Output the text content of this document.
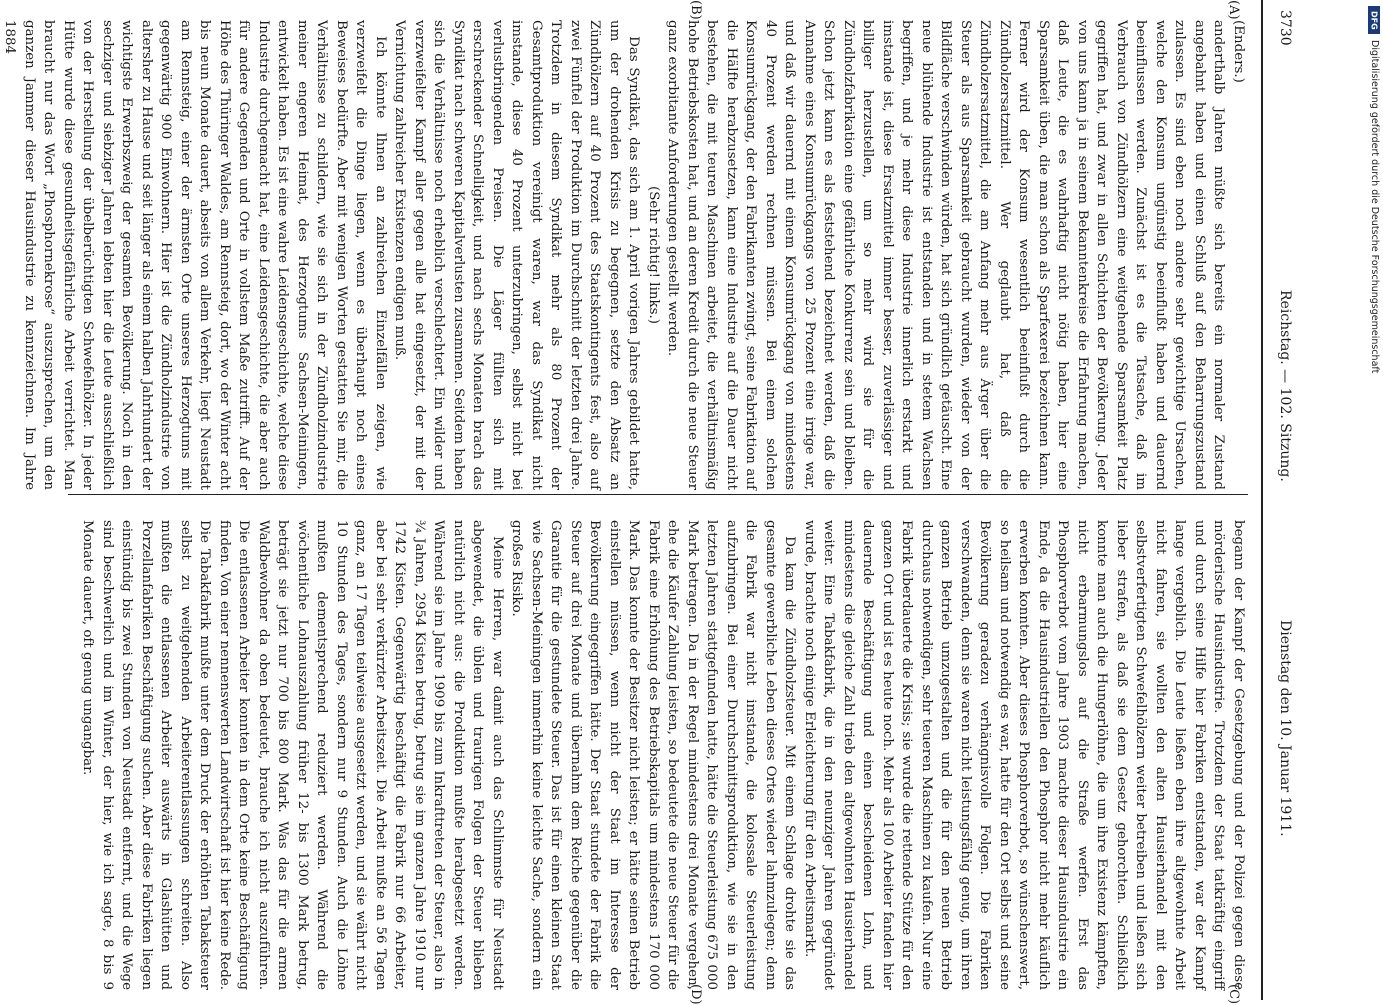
3730
Reichstag. — 102. Sitzung.
Dienstag den 10. Januar 1911.
(A)
(B)
(C)
(D)

(Enders.)

anderthalb Jahren müßte sich bereits ein normaler Zustand angebahnt haben und einen Schluß auf den Beharrungszustand zulassen. Es sind eben noch andere sehr gewichtige Ursachen, welche den Konsum ungünstig beeinflußt haben und dauernd beeinflussen werden. Zunächst ist es die Tatsache, daß im Verbrauch von Zündhölzern eine weitgehende Sparsamkeit Platz gegriffen hat, und zwar in allen Schichten der Bevölkerung. Jeder von uns kann ja in seinem Bekanntenkreise die Erfahrung machen, daß Leute, die es wahrhaftig nicht nötig haben, hier eine Sparsamkeit üben, die man schon als Sparfexerei bezeichnen kann. Ferner wird der Konsum wesentlich beeinflußt durch die Zündholzersatzmittel. Wer geglaubt hat, daß die Zündholzersatzmittel, die am Anfang mehr aus Ärger über die Steuer als aus Sparsamkeit gebraucht wurden, wieder von der Bildfläche verschwinden würden, hat sich gründlich getäuscht. Eine neue blühende Industrie ist entstanden und in stetem Wachsen begriffen, und je mehr diese Industrie innerlich erstarkt und imstande ist, diese Ersatzmittel immer besser, zuverlässiger und billiger herzustellen, um so mehr wird sie für die Zündholzfabrikation eine gefährliche Konkurrenz sein und bleiben. Schon jetzt kann es als feststehend bezeichnet werden, daß die Annahme eines Konsumrückgangs von 25 Prozent eine irrige war, und daß wir dauernd mit einem Konsumrückgang von mindestens 40 Prozent werden rechnen müssen. Bei einem solchen Konsumrückgang, der den Fabrikanten zwingt, seine Fabrikation auf die Hälfte herabzusetzen, kann eine Industrie auf die Dauer nicht bestehen, die mit teuren Maschinen arbeitet, die verhältnismäßig hohe Betriebskosten hat, und an deren Kredit durch die neue Steuer ganz exorbitante Anforderungen gestellt werden.

(Sehr richtig! links.)

Das Syndikat, das sich am 1. April vorigen Jahres gebildet hatte, um der drohenden Krisis zu begegnen, setzte den Absatz an Zündhölzern auf 40 Prozent des Staatskontingents fest, also auf zwei Fünftel der Produktion im Durchschnitt der letzten drei Jahre. Trotzdem in diesem Syndikat mehr als 80 Prozent der Gesamtproduktion vereinigt waren, war das Syndikat nicht imstande, diese 40 Prozent unterzubringen, selbst nicht bei verlustbringenden Preisen. Die Läger füllten sich mit erschreckender Schnelligkeit, und nach sechs Monaten brach das Syndikat nach schweren Kapitalverlusten zusammen. Seitdem haben sich die Verhältnisse noch erheblich verschlechtert. Ein wilder und verzweifelter Kampf aller gegen alle hat eingesetzt, der mit der Vernichtung zahlreicher Existenzen endigen muß.

Ich könnte Ihnen an zahlreichen Einzelfällen zeigen, wie verzweifelt die Dinge liegen, wenn es überhaupt noch eines Beweises bedürfte. Aber mit wenigen Worten gestatten Sie mir, die Verhältnisse zu schildern, wie sie sich in der Zündholzindustrie meiner engeren Heimat, des Herzogtums Sachsen-Meiningen, entwickelt haben. Es ist eine wahre Leidensgeschichte, welche diese Industrie durchgemacht hat, eine Leidensgeschichte, die aber auch für andere Gegenden und Orte in vollstem Maße zutrifft. Auf der Höhe des Thüringer Waldes, am Rennsteig, dort, wo der Winter acht bis neun Monate dauert, abseits von allem Verkehr, liegt Neustadt am Rennsteig, einer der ärmsten Orte unseres Herzogtums mit gegenwärtig 900 Einwohnern. Hier ist die Zündholzindustrie von altersher zu Hause und seit länger als einem halben Jahrhundert der wichtigste Erwerbszweig der gesamten Bevölkerung. Noch in den sechziger und siebziger Jahren lebten hier die Leute ausschließlich von der Herstellung der übelberüchtigten Schwefelhölzer. In jeder Hütte wurde diese gesundheitsgefährliche Arbeit verrichtet. Man braucht nur das Wort „Phosphornekrose“ auszusprechen, um den ganzen Jammer dieser Hausindustrie zu kennzeichnen. Im Jahre 1884

begann der Kampf der Gesetzgebung und der Polizei gegen diese mörderische Hausindustrie. Trotzdem der Staat tatkräftig eingriff und durch seine Hilfe hier Fabriken entstanden, war der Kampf lange vergeblich. Die Leute ließen eben ihre altgewohnte Arbeit nicht fahren, sie wollten den alten Hausierhandel mit den selbstverfertigten Schwefelhölzern weiter betreiben und ließen sich lieber strafen, als daß sie dem Gesetz gehorchten. Schließlich konnte man auch die Hungerlöhne, die um ihre Existenz kämpften, nicht erbarmungslos auf die Straße werfen. Erst das Phosphorverbot vom Jahre 1903 machte dieser Hausindustrie ein Ende, da die Hausindustriellen den Phosphor nicht mehr käuflich erwerben konnten. Aber dieses Phosphorverbot, so wünschenswert, so heilsam und notwendig es war, hatte für den Ort selbst und seine Bevölkerung geradezu verhängnisvolle Folgen. Die Fabriken verschwanden, denn sie waren nicht leistungsfähig genug, um ihren ganzen Betrieb umzugestalten und die für den neuen Betrieb durchaus notwendigen, sehr teueren Maschinen zu kaufen. Nur eine Fabrik überdauerte die Krisis; sie wurde die rettende Stütze für den ganzen Ort und ist es heute noch. Mehr als 100 Arbeiter fanden hier dauernde Beschäftigung und einen bescheidenen Lohn, und mindestens die gleiche Zahl trieb den altgewohnten Hausierhandel weiter. Eine Tabakfabrik, die in den neunziger Jahren gegründet wurde, brachte noch einige Erleichterung für den Arbeitsmarkt.

Da kam die Zündholzsteuer. Mit einem Schlage drohte sie das gesamte gewerbliche Leben dieses Ortes wieder lahmzulegen; denn die Fabrik war nicht imstande, die kolossale Steuerleistung aufzubringen. Bei einer Durchschnittsproduktion, wie sie in den letzten Jahren stattgefunden hatte, hätte die Steuerleistung 675 000 Mark betragen. Da in der Regel mindestens drei Monate vergehen, ehe die Käufer Zahlung leisten, so bedeutete die neue Steuer für die Fabrik eine Erhöhung des Betriebskapitals um mindestens 170 000 Mark. Das konnte der Besitzer nicht leisten; er hätte seinen Betrieb einstellen müssen, wenn nicht der Staat im Interesse der Bevölkerung eingegriffen hätte. Der Staat stundete der Fabrik die Steuer auf drei Monate und übernahm dem Reiche gegenüber die Garantie für die gestundete Steuer. Das ist für einen kleinen Staat wie Sachsen-Meiningen immerhin keine leichte Sache, sondern ein großes Risiko.

Meine Herren, war damit auch das Schlimmste für Neustadt abgewendet, die üblen und traurigen Folgen der Steuer blieben natürlich nicht aus: die Produktion mußte herabgesetzt werden. Während sie im Jahre 1909 bis zum Inkrafttreten der Steuer, also in ¾ Jahren, 2954 Kisten betrug, betrug sie im ganzen Jahre 1910 nur 1742 Kisten. Gegenwärtig beschäftigt die Fabrik nur 66 Arbeiter, aber bei sehr verkürzter Arbeitszeit. Die Arbeit mußte an 56 Tagen ganz, an 17 Tagen teilweise ausgesetzt werden, und sie währt nicht 10 Stunden des Tages, sondern nur 9 Stunden. Auch die Löhne mußten dementsprechend reduziert werden. Während die wöchentliche Lohnauszahlung früher 12- bis 1300 Mark betrug, beträgt sie jetzt nur 700 bis 800 Mark. Was das für die armen Waldbewohner da oben bedeutet, brauche ich nicht auszuführen. Die entlassenen Arbeiter konnten in dem Orte keine Beschäftigung finden. Von einer nennenswerten Landwirtschaft ist hier keine Rede. Die Tabakfabrik mußte unter dem Druck der erhöhten Tabaksteuer selbst zu weitgehenden Arbeiterentlassungen schreiten. Also mußten die entlassenen Arbeiter auswärts in Glashütten und Porzellanfabriken Beschäftigung suchen. Aber diese Fabriken liegen einstündig bis zwei Stunden von Neustadt entfernt, und die Wege sind beschwerlich und im Winter, der hier, wie ich sagte, 8 bis 9 Monate dauert, oft genug ungangbar.

DFG
Digitalisierung gefördert durch die Deutsche Forschungsgemeinschaft
